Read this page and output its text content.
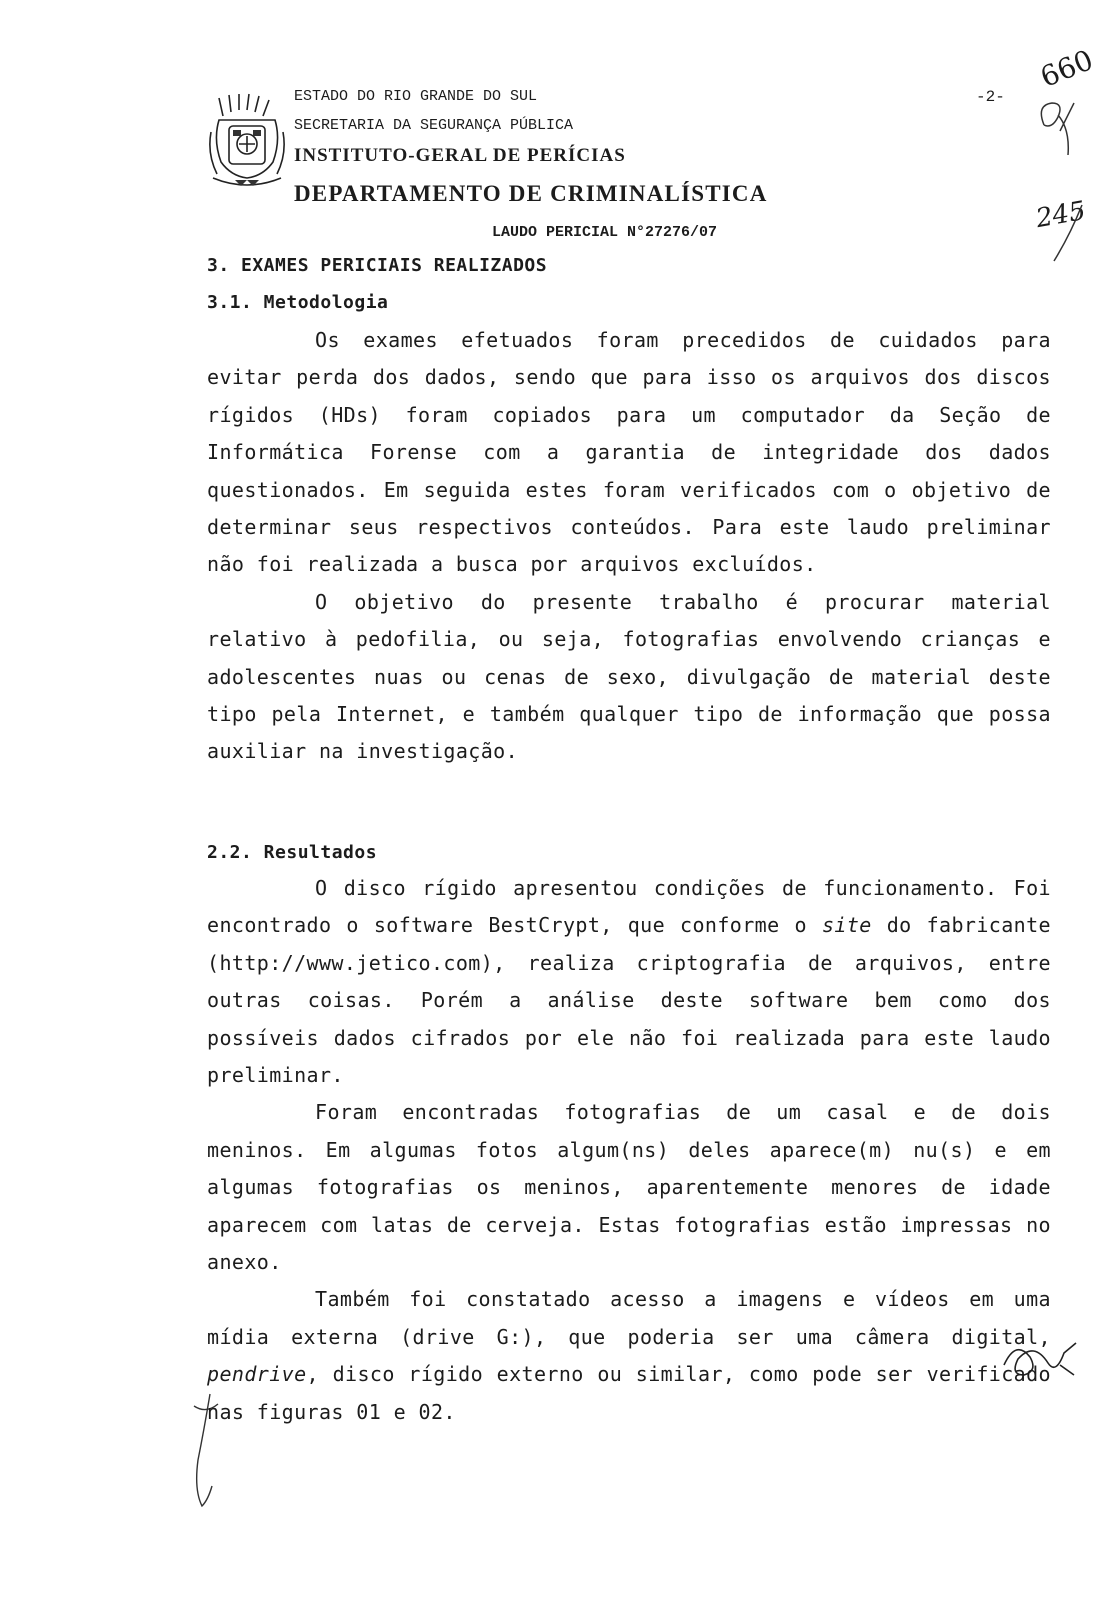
ESTADO DO RIO GRANDE DO SUL
SECRETARIA DA SEGURANÇA PÚBLICA
INSTITUTO-GERAL DE PERÍCIAS
DEPARTAMENTO DE CRIMINALÍSTICA
-2-
LAUDO PERICIAL N°27276/07
660
245
3. EXAMES PERICIAIS REALIZADOS
3.1. Metodologia

Os exames efetuados foram precedidos de cuidados para evitar perda dos dados, sendo que para isso os arquivos dos discos rígidos (HDs) foram copiados para um computador da Seção de Informática Forense com a garantia de integridade dos dados questionados. Em seguida estes foram verificados com o objetivo de determinar seus respectivos conteúdos. Para este laudo preliminar não foi realizada a busca por arquivos excluídos.

O objetivo do presente trabalho é procurar material relativo à pedofilia, ou seja, fotografias envolvendo crianças e adolescentes nuas ou cenas de sexo, divulgação de material deste tipo pela Internet, e também qualquer tipo de informação que possa auxiliar na investigação.

2.2. Resultados

O disco rígido apresentou condições de funcionamento. Foi encontrado o software BestCrypt, que conforme o site do fabricante (http://www.jetico.com), realiza criptografia de arquivos, entre outras coisas. Porém a análise deste software bem como dos possíveis dados cifrados por ele não foi realizada para este laudo preliminar.

Foram encontradas fotografias de um casal e de dois meninos. Em algumas fotos algum(ns) deles aparece(m) nu(s) e em algumas fotografias os meninos, aparentemente menores de idade aparecem com latas de cerveja. Estas fotografias estão impressas no anexo.

Também foi constatado acesso a imagens e vídeos em uma mídia externa (drive G:), que poderia ser uma câmera digital, pendrive, disco rígido externo ou similar, como pode ser verificado nas figuras 01 e 02.
